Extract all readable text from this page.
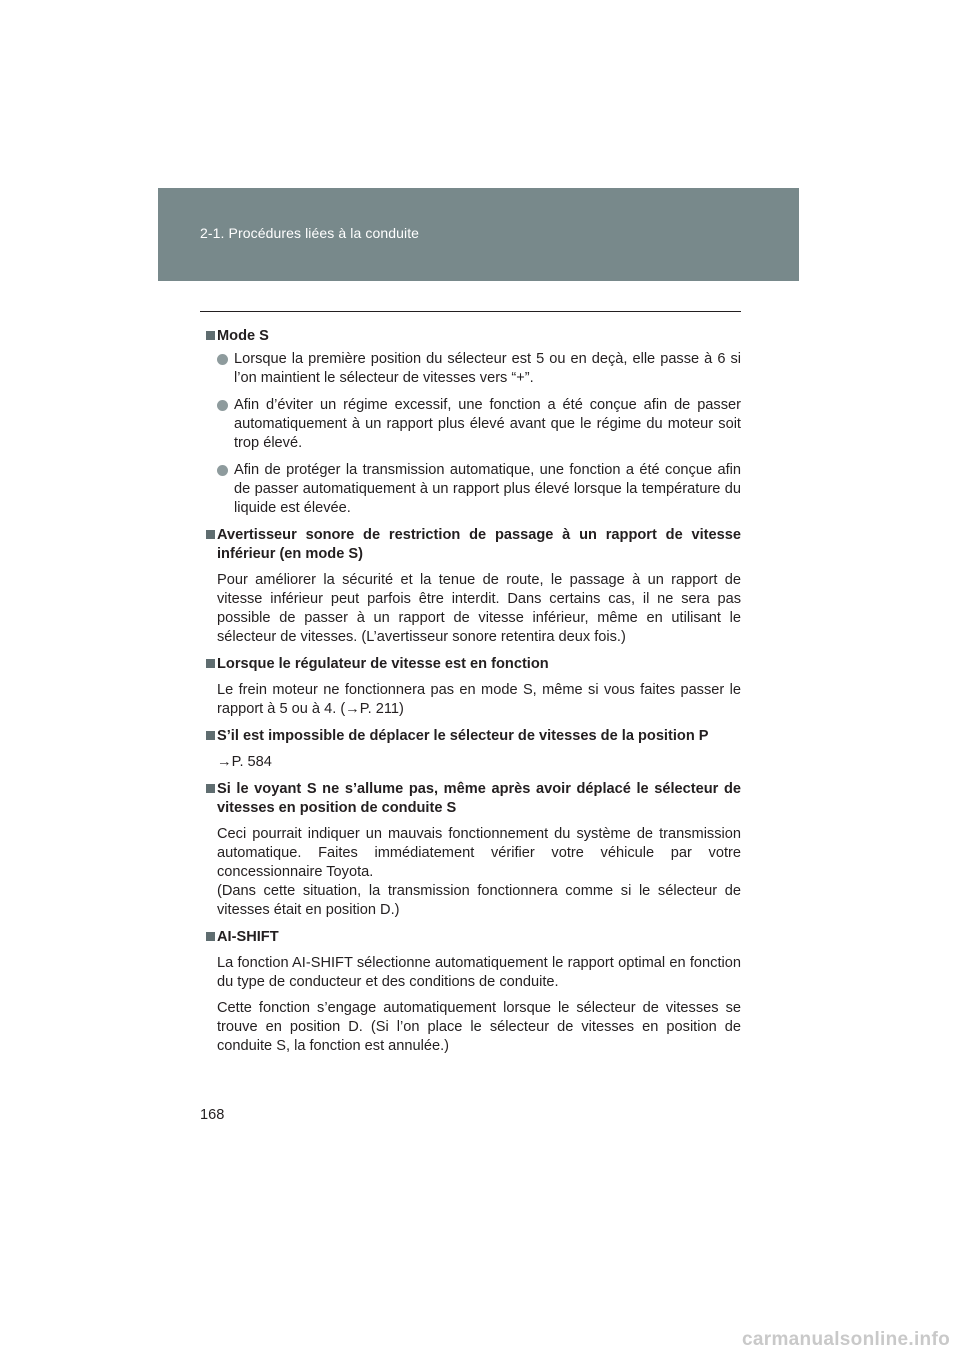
2-1. Procédures liées à la conduite
Mode S
Lorsque la première position du sélecteur est 5 ou en deçà, elle passe à 6 si l’on maintient le sélecteur de vitesses vers “+”.
Afin d’éviter un régime excessif, une fonction a été conçue afin de passer automatiquement à un rapport plus élevé avant que le régime du moteur soit trop élevé.
Afin de protéger la transmission automatique, une fonction a été conçue afin de passer automatiquement à un rapport plus élevé lorsque la température du liquide est élevée.
Avertisseur sonore de restriction de passage à un rapport de vitesse inférieur (en mode S)
Pour améliorer la sécurité et la tenue de route, le passage à un rapport de vitesse inférieur peut parfois être interdit. Dans certains cas, il ne sera pas possible de passer à un rapport de vitesse inférieur, même en utilisant le sélecteur de vitesses. (L’avertisseur sonore retentira deux fois.)
Lorsque le régulateur de vitesse est en fonction
Le frein moteur ne fonctionnera pas en mode S, même si vous faites passer le rapport à 5 ou à 4. (→P. 211)
S’il est impossible de déplacer le sélecteur de vitesses de la position P
→P. 584
Si le voyant S ne s’allume pas, même après avoir déplacé le sélecteur de vitesses en position de conduite S
Ceci pourrait indiquer un mauvais fonctionnement du système de transmission automatique. Faites immédiatement vérifier votre véhicule par votre concessionnaire Toyota.
(Dans cette situation, la transmission fonctionnera comme si le sélecteur de vitesses était en position D.)
AI-SHIFT
La fonction AI-SHIFT sélectionne automatiquement le rapport optimal en fonction du type de conducteur et des conditions de conduite.
Cette fonction s’engage automatiquement lorsque le sélecteur de vitesses se trouve en position D. (Si l’on place le sélecteur de vitesses en position de conduite S, la fonction est annulée.)
168
carmanualsonline.info
